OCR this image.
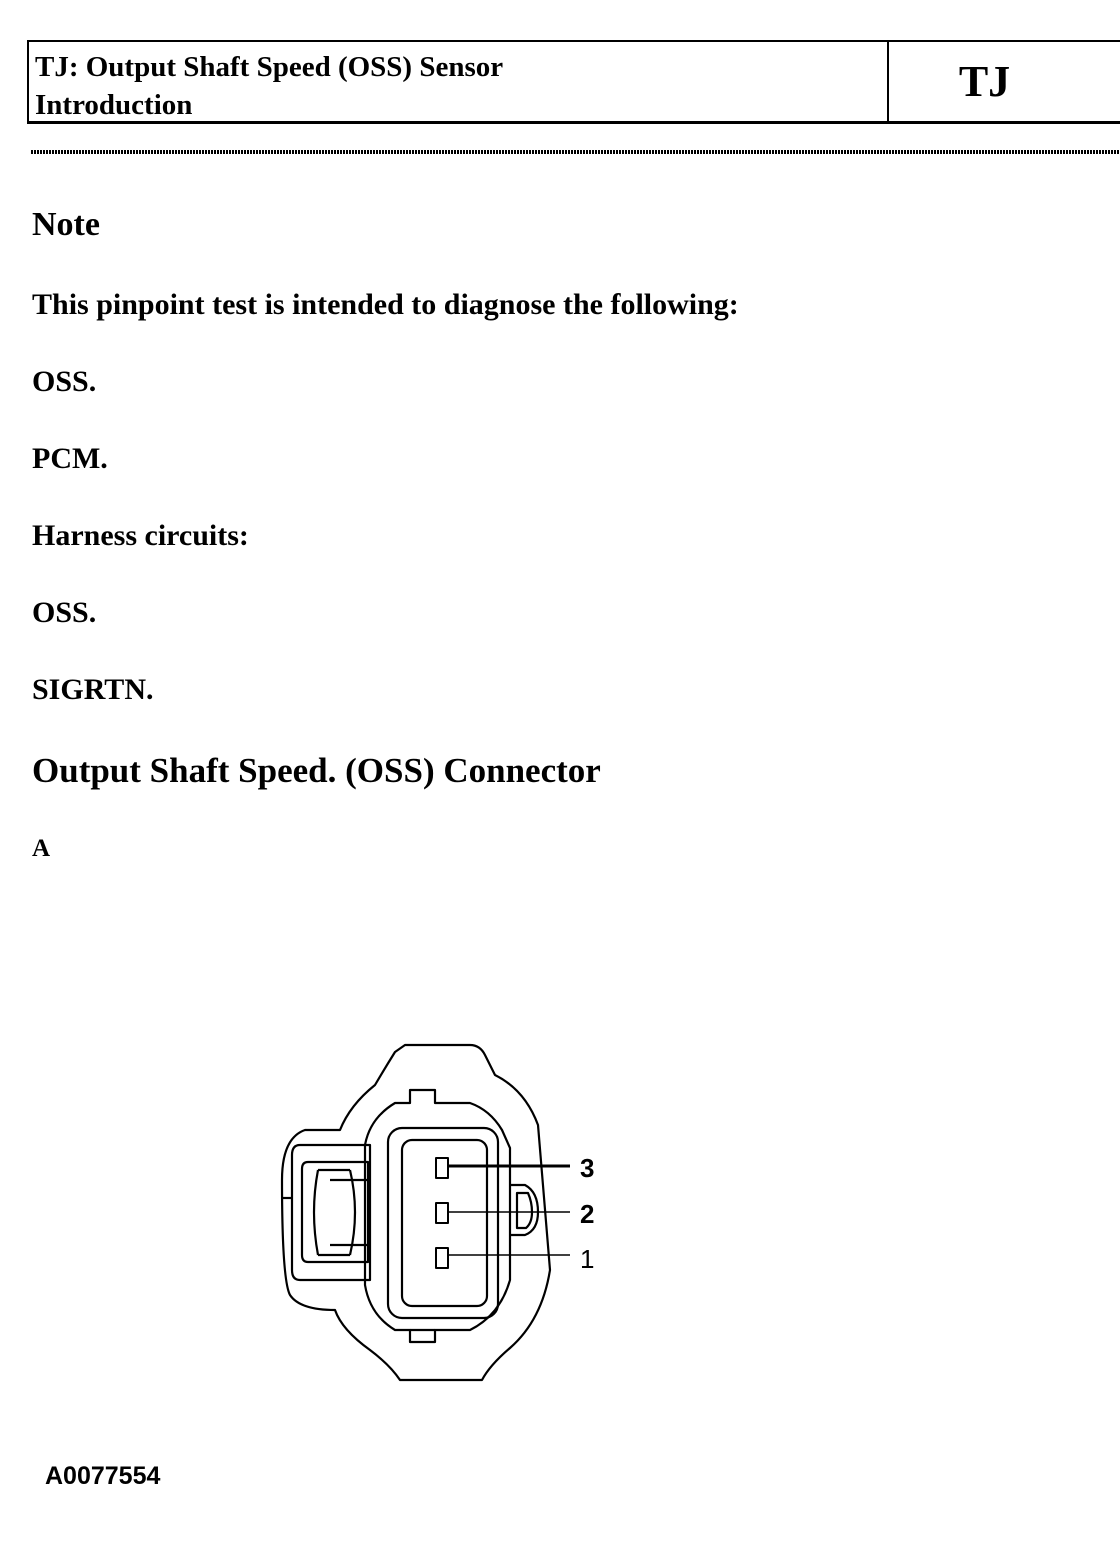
TJ: Output Shaft Speed (OSS) Sensor
Introduction	TJ
Note
This pinpoint test is intended to diagnose the following:
OSS.
PCM.
Harness circuits:
OSS.
SIGRTN.
Output Shaft Speed. (OSS) Connector
A
3
2
1
A0077554
